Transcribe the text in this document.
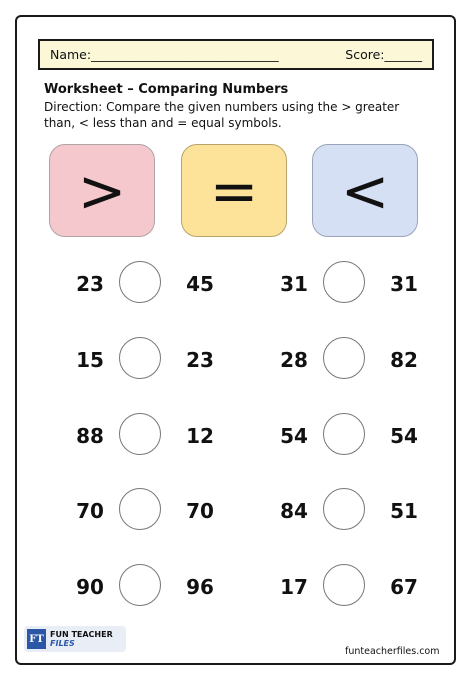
Name:______________________________	Score:______
Worksheet – Comparing Numbers
Direction: Compare the given numbers using the > greater than, < less than and = equal symbols.
>	=	<
23	45
15	23
88	12
70	70
90	96
31	31
28	82
54	54
84	51
17	67
FT FUN TEACHER
FILES
funteacherfiles.com
